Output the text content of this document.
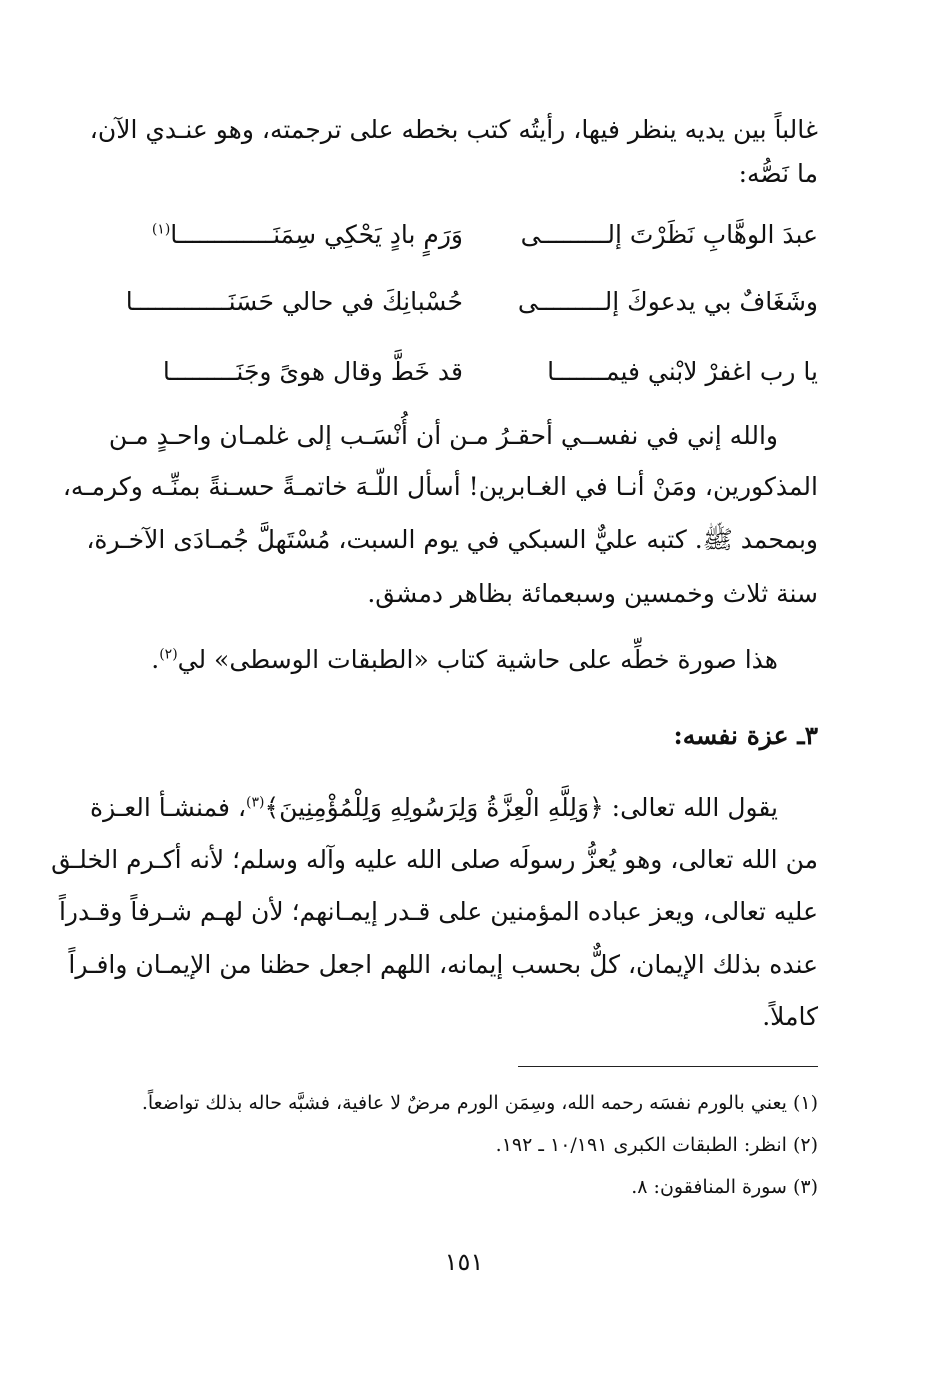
غالباً بين يديه ينظر فيها، رأيتُه كتب بخطه على ترجمته، وهو عنـدي الآن،
ما نَصُّه:
عبدَ الوهَّابِ نَظَرْتَ إلـــــــــى
وَرَمٍ بادٍ يَحْكِي سِمَنَـــــــــــــا$^{(١)}$
وشَغَافٌ بي يدعوكَ إلـــــــــى
حُسْبانِكَ في حالي حَسَنَـــــــــــــا
يا رب اغفرْ لابْني فيمـــــــا
قد خَطَّ وقال هوىً وجَنَـــــــــا
والله إني في نفســي أحقـرُ مـن أن أُنْسَـب إلى غلمـان واحـدٍ مـن
المذكورين، ومَنْ أنـا في الغـابرين! أسأل اللّـهَ خاتمـةً حسـنةً بمنِّـه وكرمـه،
وبمحمد ﷺ. كتبه عليٌّ السبكي في يوم السبت، مُسْتَهلَّ جُمـادَى الآخـرة،
سنة ثلاث وخمسين وسبعمائة بظاهر دمشق.
هذا صورة خطِّه على حاشية كتاب «الطبقات الوسطى» لي$^{(٢)}$.
٣ـ عزة نفسه:
يقول الله تعالى: ﴿وَلِلَّهِ الْعِزَّةُ وَلِرَسُولِهِ وَلِلْمُؤْمِنِينَ﴾$^{(٣)}$، فمنشـأ العـزة
من الله تعالى، وهو يُعزُّ رسولَه صلى الله عليه وآله وسلم؛ لأنه أكـرم الخلـق
عليه تعالى، ويعز عباده المؤمنين على قـدر إيمـانهم؛ لأن لهـم شـرفاً وقـدراً
عنده بذلك الإيمان، كلٌّ بحسب إيمانه، اللهم اجعل حظنا من الإيمـان وافـراً
كاملاً.
(١) يعني بالورم نفسَه رحمه الله، وسِمَن الورم مرضٌ لا عافية، فشبَّه حاله بذلك تواضعاً.
(٢) انظر: الطبقات الكبرى ١٠/١٩١ ـ ١٩٢.
(٣) سورة المنافقون: ٨.
١٥١
